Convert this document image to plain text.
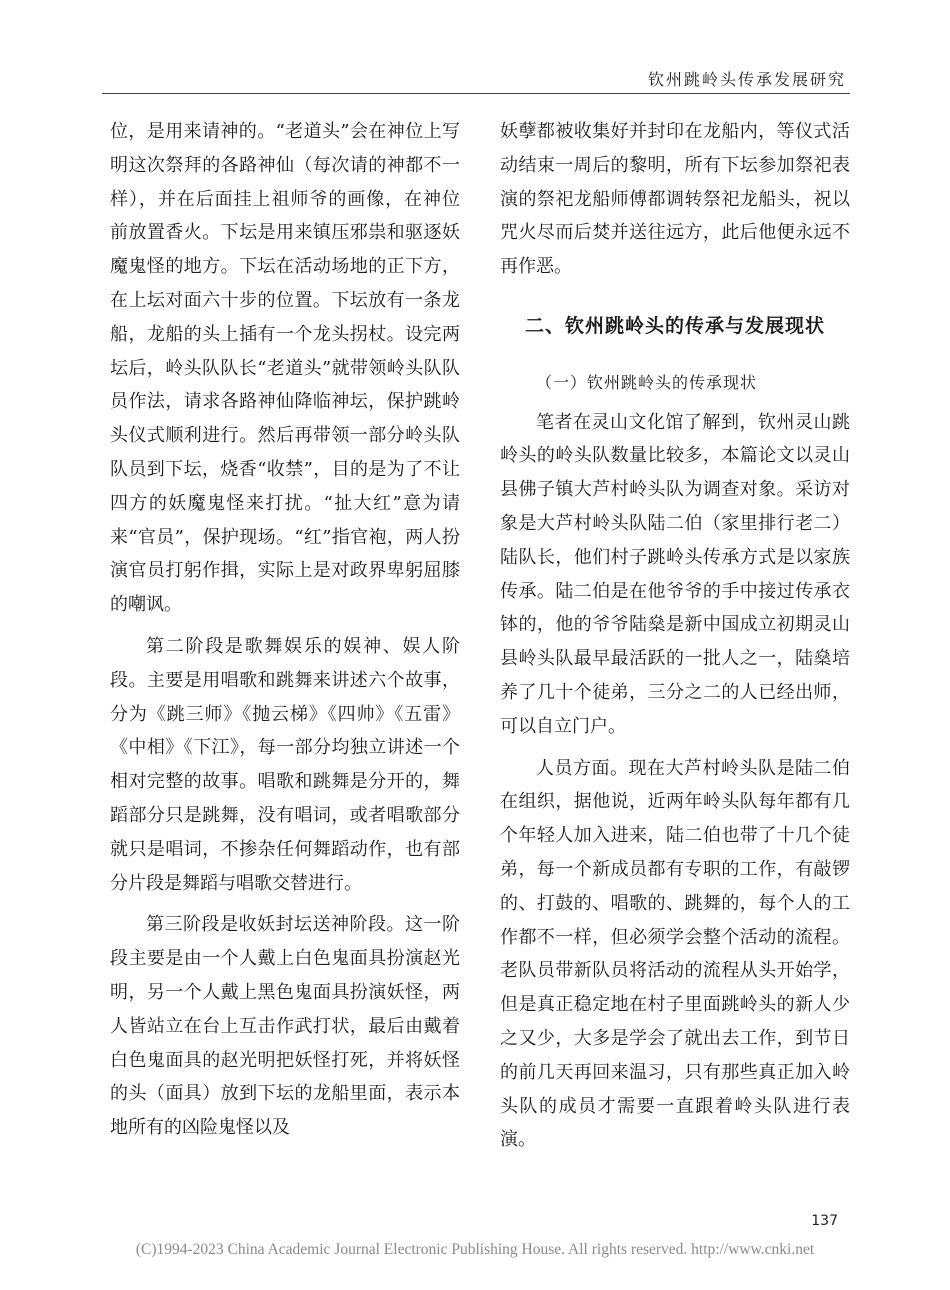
钦州跳岭头传承发展研究

位，是用来请神的。“老道头”会在神位上写明这次祭拜的各路神仙（每次请的神都不一样），并在后面挂上祖师爷的画像，在神位前放置香火。下坛是用来镇压邪祟和驱逐妖魔鬼怪的地方。下坛在活动场地的正下方，在上坛对面六十步的位置。下坛放有一条龙船，龙船的头上插有一个龙头拐杖。设完两坛后，岭头队队长“老道头”就带领岭头队队员作法，请求各路神仙降临神坛，保护跳岭头仪式顺利进行。然后再带领一部分岭头队队员到下坛，烧香“收禁”，目的是为了不让四方的妖魔鬼怪来打扰。“扯大红”意为请来“官员”，保护现场。“红”指官袍，两人扮演官员打躬作揖，实际上是对政界卑躬屈膝的嘲讽。

第二阶段是歌舞娱乐的娱神、娱人阶段。主要是用唱歌和跳舞来讲述六个故事，分为《跳三师》《抛云梯》《四帅》《五雷》《中相》《下江》，每一部分均独立讲述一个相对完整的故事。唱歌和跳舞是分开的，舞蹈部分只是跳舞，没有唱词，或者唱歌部分就只是唱词，不掺杂任何舞蹈动作，也有部分片段是舞蹈与唱歌交替进行。

第三阶段是收妖封坛送神阶段。这一阶段主要是由一个人戴上白色鬼面具扮演赵光明，另一个人戴上黑色鬼面具扮演妖怪，两人皆站立在台上互击作武打状，最后由戴着白色鬼面具的赵光明把妖怪打死，并将妖怪的头（面具）放到下坛的龙船里面，表示本地所有的凶险鬼怪以及

妖孽都被收集好并封印在龙船内，等仪式活动结束一周后的黎明，所有下坛参加祭祀表演的祭祀龙船师傅都调转祭祀龙船头，祝以咒火尽而后焚并送往远方，此后他便永远不再作恶。

二、钦州跳岭头的传承与发展现状
（一）钦州跳岭头的传承现状

笔者在灵山文化馆了解到，钦州灵山跳岭头的岭头队数量比较多，本篇论文以灵山县佛子镇大芦村岭头队为调查对象。采访对象是大芦村岭头队陆二伯（家里排行老二）陆队长，他们村子跳岭头传承方式是以家族传承。陆二伯是在他爷爷的手中接过传承衣钵的，他的爷爷陆燊是新中国成立初期灵山县岭头队最早最活跃的一批人之一，陆燊培养了几十个徒弟，三分之二的人已经出师，可以自立门户。

人员方面。现在大芦村岭头队是陆二伯在组织，据他说，近两年岭头队每年都有几个年轻人加入进来，陆二伯也带了十几个徒弟，每一个新成员都有专职的工作，有敲锣的、打鼓的、唱歌的、跳舞的，每个人的工作都不一样，但必须学会整个活动的流程。老队员带新队员将活动的流程从头开始学，但是真正稳定地在村子里面跳岭头的新人少之又少，大多是学会了就出去工作，到节日的前几天再回来温习，只有那些真正加入岭头队的成员才需要一直跟着岭头队进行表演。

137
(C)1994-2023 China Academic Journal Electronic Publishing House. All rights reserved. http://www.cnki.net
